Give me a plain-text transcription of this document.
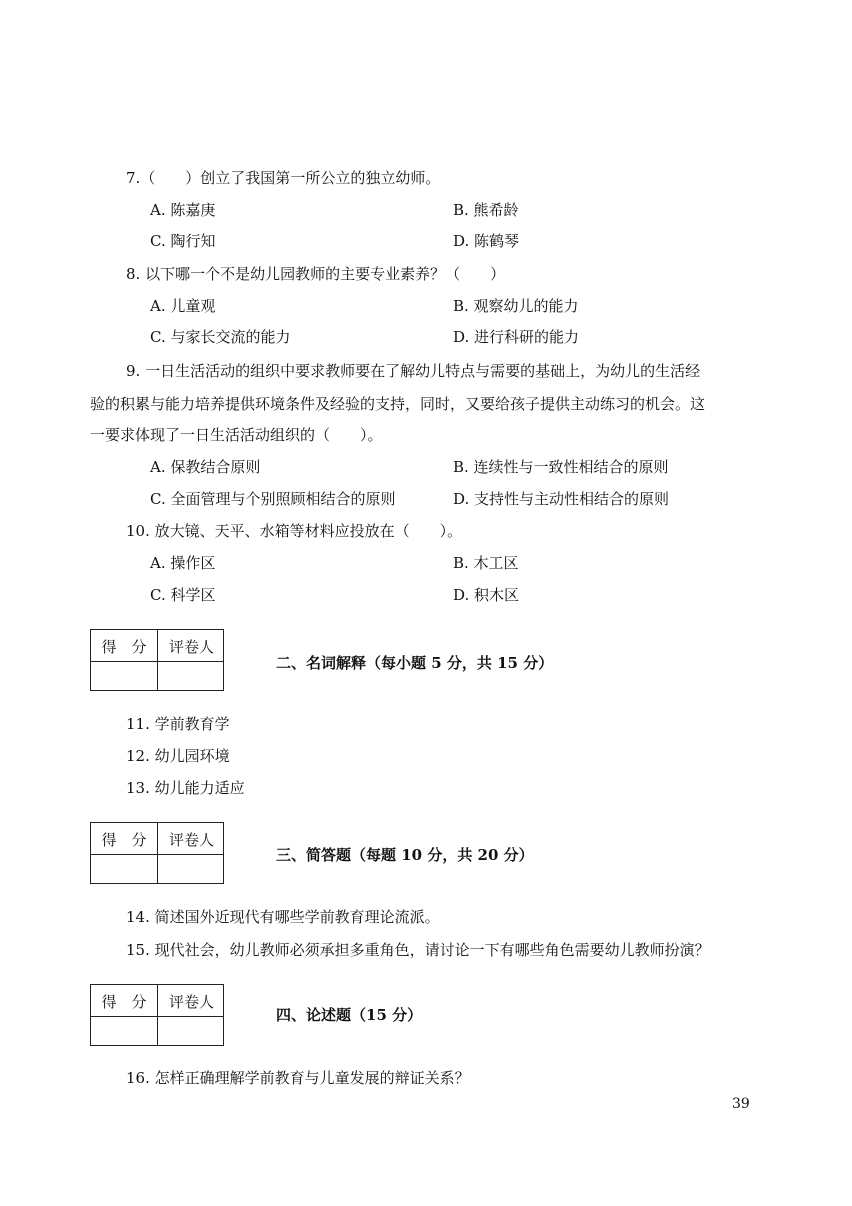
7.（　　）创立了我国第一所公立的独立幼师。
A. 陈嘉庚	B. 熊希龄
C. 陶行知	D. 陈鹤琴
8. 以下哪一个不是幼儿园教师的主要专业素养？（　　）
A. 儿童观	B. 观察幼儿的能力
C. 与家长交流的能力	D. 进行科研的能力
9. 一日生活活动的组织中要求教师要在了解幼儿特点与需要的基础上，为幼儿的生活经
验的积累与能力培养提供环境条件及经验的支持，同时，又要给孩子提供主动练习的机会。这
一要求体现了一日生活活动组织的（　　）。
A. 保教结合原则	B. 连续性与一致性相结合的原则
C. 全面管理与个别照顾相结合的原则	D. 支持性与主动性相结合的原则
10. 放大镜、天平、水箱等材料应投放在（　　）。
A. 操作区	B. 木工区
C. 科学区	D. 积木区
得　分	评卷人
二、名词解释（每小题 5 分，共 15 分）
11. 学前教育学
12. 幼儿园环境
13. 幼儿能力适应
得　分	评卷人
三、简答题（每题 10 分，共 20 分）
14. 简述国外近现代有哪些学前教育理论流派。
15. 现代社会，幼儿教师必须承担多重角色，请讨论一下有哪些角色需要幼儿教师扮演？
得　分	评卷人
四、论述题（15 分）
16. 怎样正确理解学前教育与儿童发展的辩证关系？
39
